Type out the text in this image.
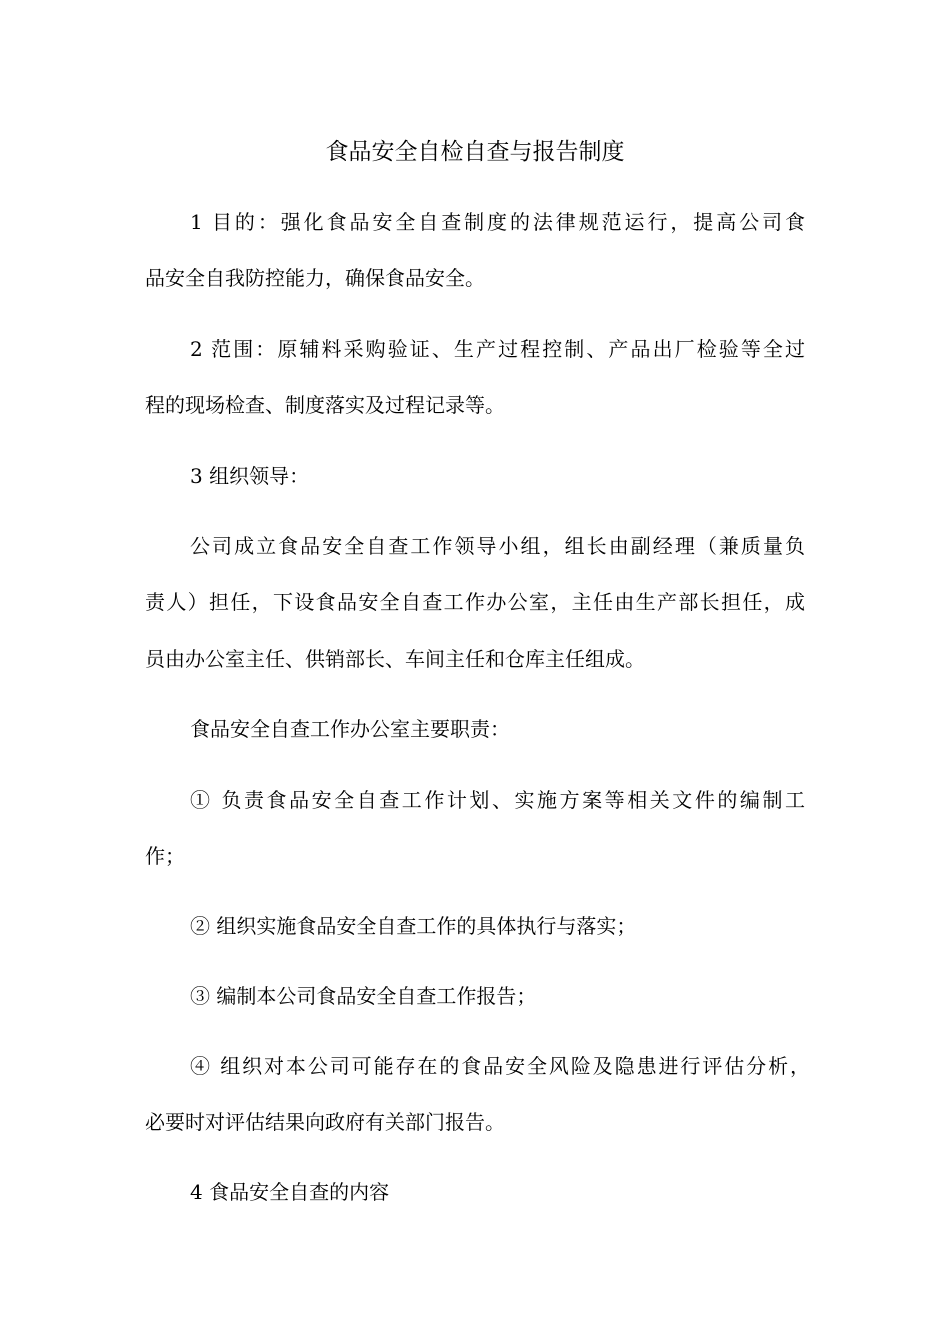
食品安全自检自查与报告制度

1 目的：强化食品安全自查制度的法律规范运行，提高公司食

品安全自我防控能力，确保食品安全。

2 范围：原辅料采购验证、生产过程控制、产品出厂检验等全过

程的现场检查、制度落实及过程记录等。

3 组织领导：

公司成立食品安全自查工作领导小组，组长由副经理（兼质量负

责人）担任，下设食品安全自查工作办公室，主任由生产部长担任，成

员由办公室主任、供销部长、车间主任和仓库主任组成。

食品安全自查工作办公室主要职责：

① 负责食品安全自查工作计划、实施方案等相关文件的编制工

作；

② 组织实施食品安全自查工作的具体执行与落实；

③ 编制本公司食品安全自查工作报告；

④ 组织对本公司可能存在的食品安全风险及隐患进行评估分析，

必要时对评估结果向政府有关部门报告。

4 食品安全自查的内容
